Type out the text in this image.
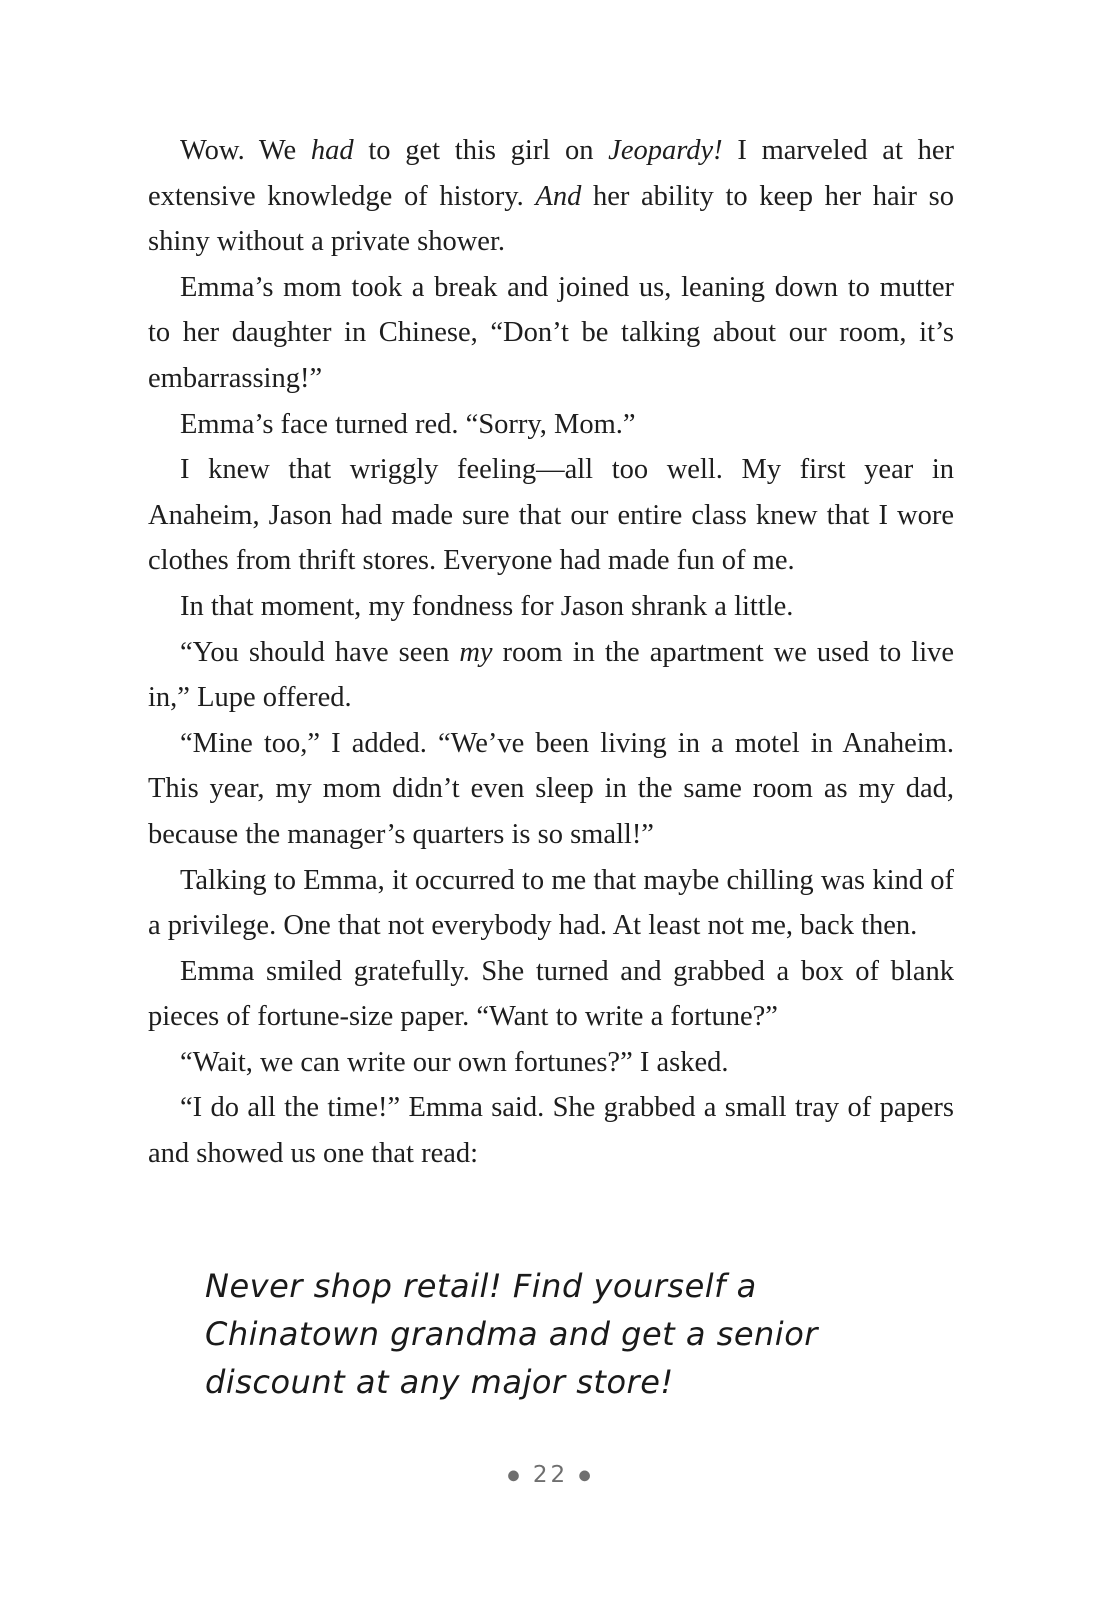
Wow. We had to get this girl on Jeopardy! I marveled at her extensive knowledge of history. And her ability to keep her hair so shiny without a private shower.

Emma’s mom took a break and joined us, leaning down to mutter to her daughter in Chinese, “Don’t be talking about our room, it’s embarrassing!”

Emma’s face turned red. “Sorry, Mom.”

I knew that wriggly feeling—all too well. My first year in Anaheim, Jason had made sure that our entire class knew that I wore clothes from thrift stores. Everyone had made fun of me.

In that moment, my fondness for Jason shrank a little.

“You should have seen my room in the apartment we used to live in,” Lupe offered.

“Mine too,” I added. “We’ve been living in a motel in Anaheim. This year, my mom didn’t even sleep in the same room as my dad, because the manager’s quarters is so small!”

Talking to Emma, it occurred to me that maybe chilling was kind of a privilege. One that not everybody had. At least not me, back then.

Emma smiled gratefully. She turned and grabbed a box of blank pieces of fortune-size paper. “Want to write a fortune?”

“Wait, we can write our own fortunes?” I asked.

“I do all the time!” Emma said. She grabbed a small tray of papers and showed us one that read:

Never shop retail! Find yourself a
Chinatown grandma and get a senior
discount at any major store!
● 22 ●
